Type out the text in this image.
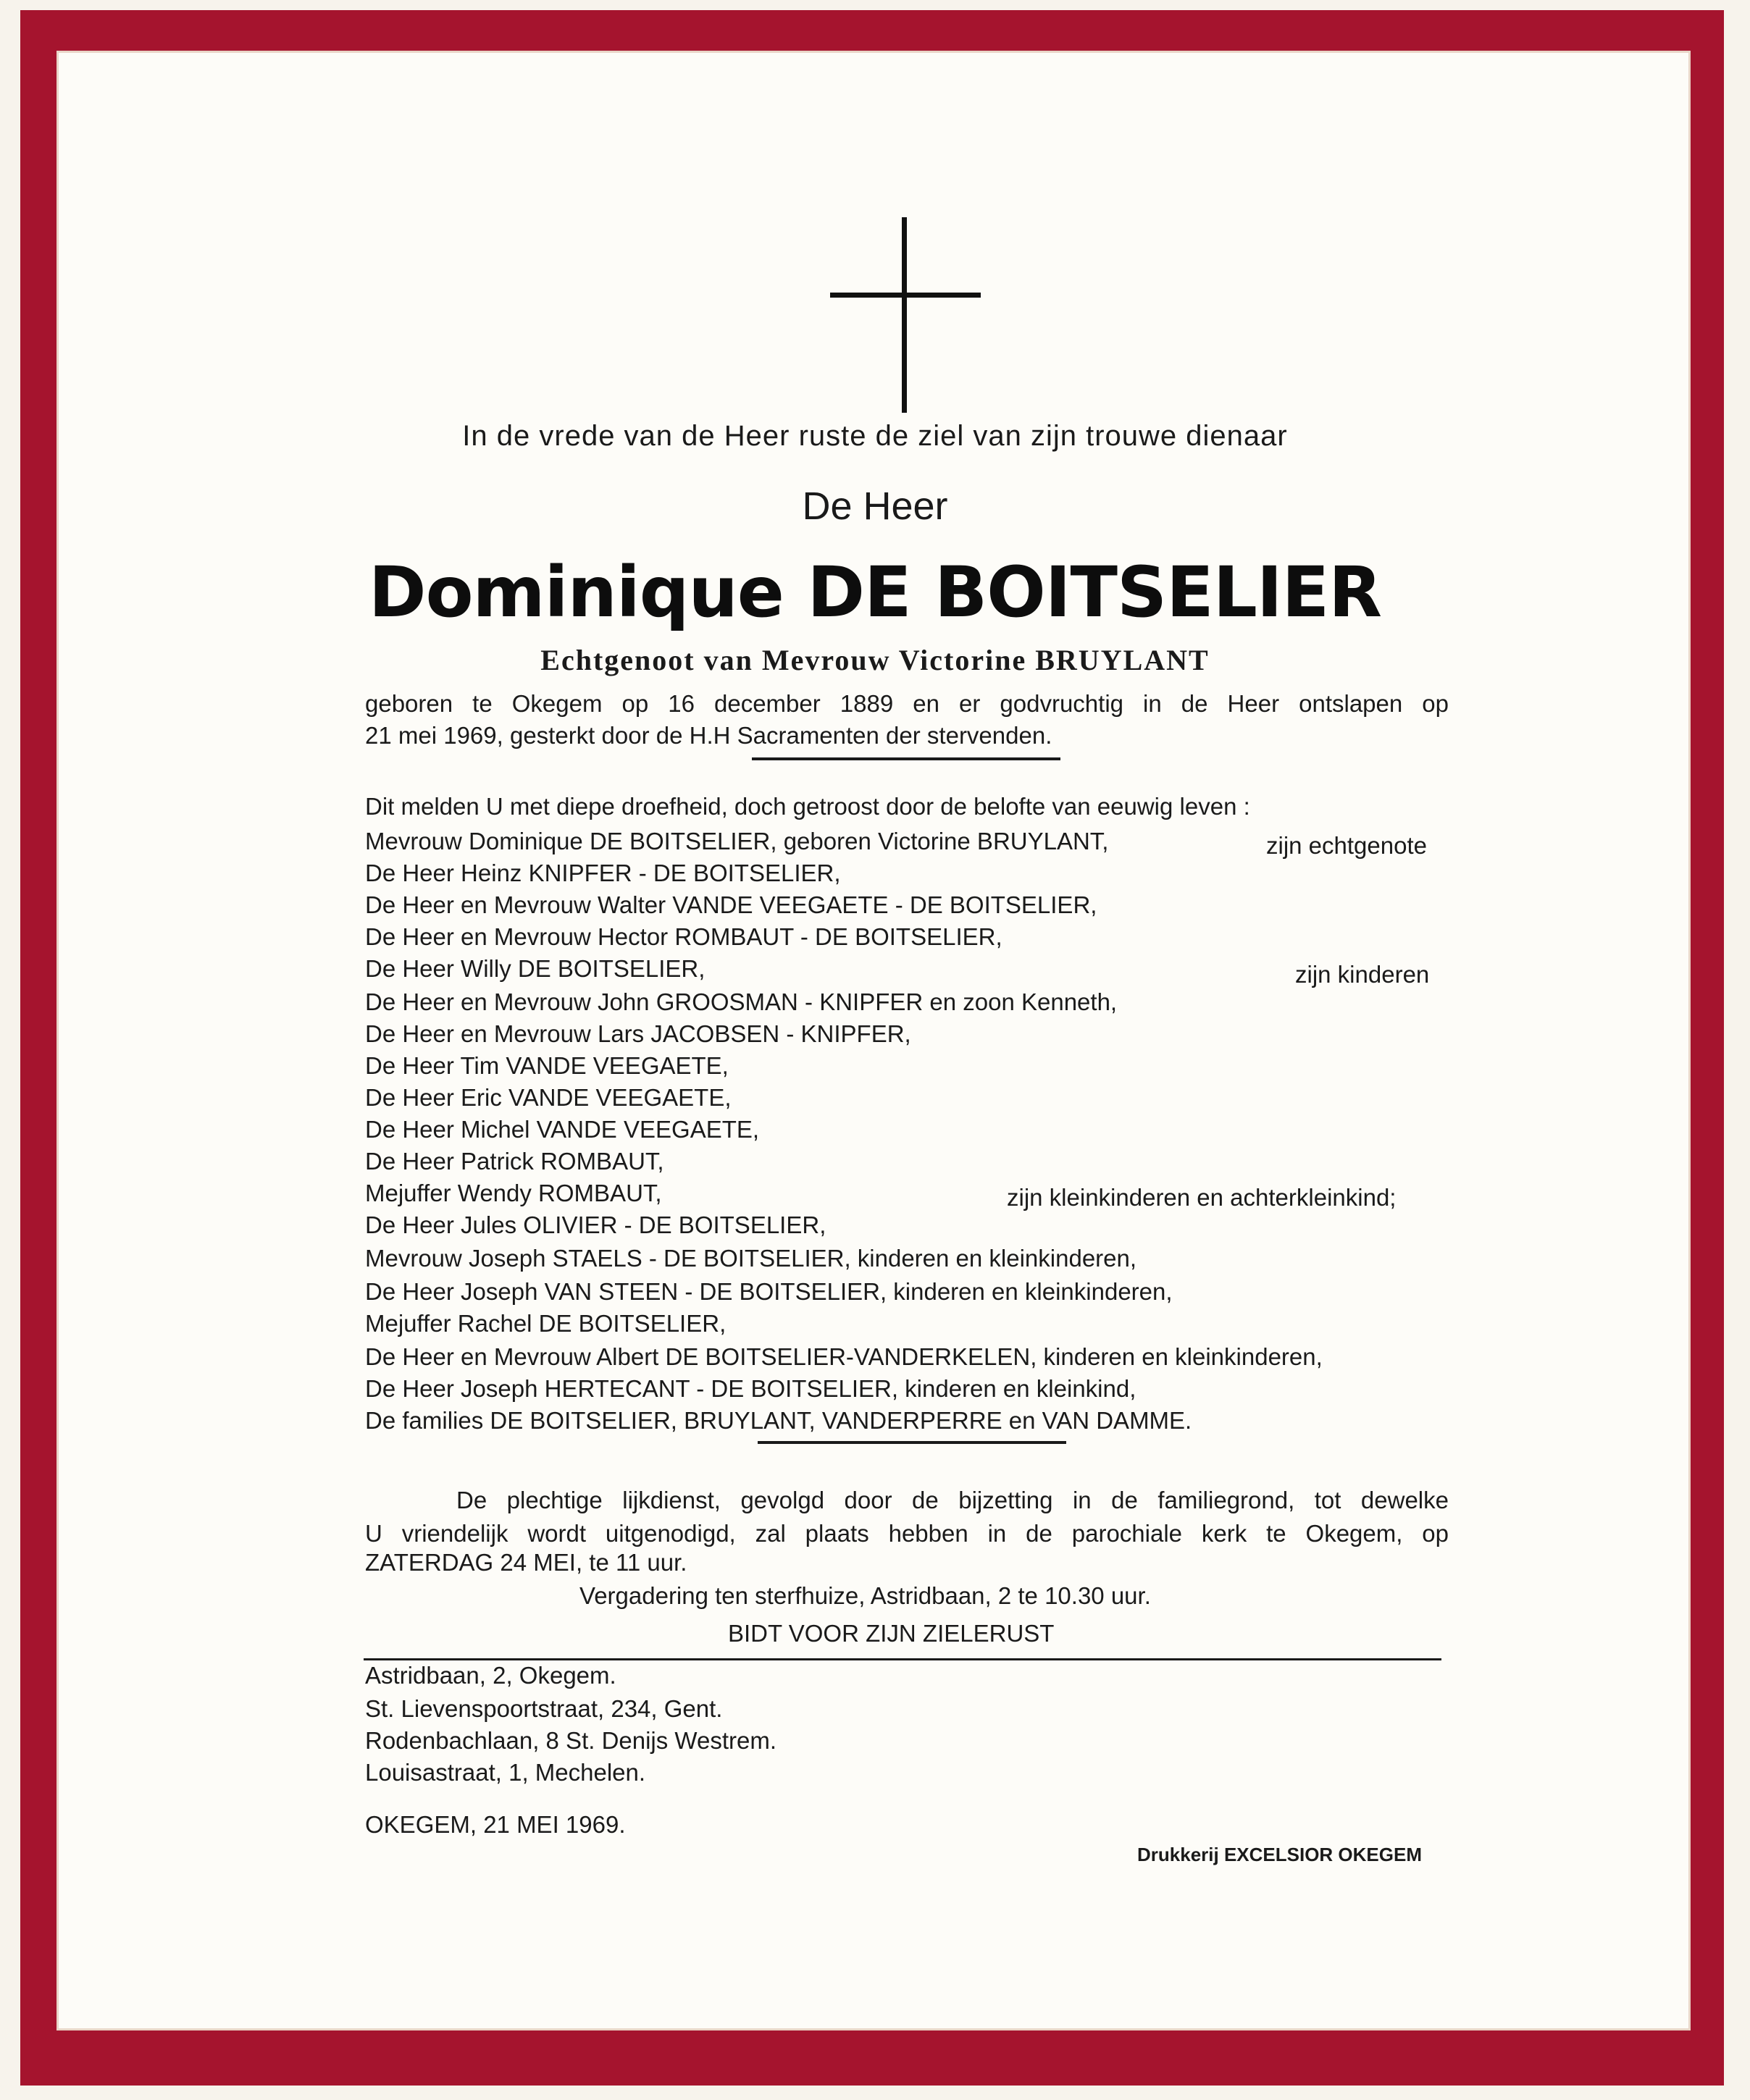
In de vrede van de Heer ruste de ziel van zijn trouwe dienaar
De Heer
Dominique DE BOITSELIER
Echtgenoot van Mevrouw Victorine BRUYLANT
geboren te Okegem op 16 december 1889 en er godvruchtig in de Heer ontslapen op
21 mei 1969, gesterkt door de H.H Sacramenten der stervenden.
Dit melden U met diepe droefheid, doch getroost door de belofte van eeuwig leven :
Mevrouw Dominique DE BOITSELIER, geboren Victorine BRUYLANT,
De Heer Heinz KNIPFER - DE BOITSELIER,
De Heer en Mevrouw Walter VANDE VEEGAETE - DE BOITSELIER,
De Heer en Mevrouw Hector ROMBAUT - DE BOITSELIER,
De Heer Willy DE BOITSELIER,
De Heer en Mevrouw John GROOSMAN - KNIPFER en zoon Kenneth,
De Heer en Mevrouw Lars JACOBSEN - KNIPFER,
De Heer Tim VANDE VEEGAETE,
De Heer Eric VANDE VEEGAETE,
De Heer Michel VANDE VEEGAETE,
De Heer Patrick ROMBAUT,
Mejuffer Wendy ROMBAUT,
De Heer Jules OLIVIER - DE BOITSELIER,
Mevrouw Joseph STAELS - DE BOITSELIER, kinderen en kleinkinderen,
De Heer Joseph VAN STEEN - DE BOITSELIER, kinderen en kleinkinderen,
Mejuffer Rachel DE BOITSELIER,
De Heer en Mevrouw Albert DE BOITSELIER-VANDERKELEN, kinderen en kleinkinderen,
De Heer Joseph HERTECANT - DE BOITSELIER, kinderen en kleinkind,
De families DE BOITSELIER, BRUYLANT, VANDERPERRE en VAN DAMME.
zijn echtgenote
zijn kinderen
zijn kleinkinderen en achterkleinkind;
De plechtige lijkdienst, gevolgd door de bijzetting in de familiegrond, tot dewelke
U vriendelijk wordt uitgenodigd, zal plaats hebben in de parochiale kerk te Okegem, op
ZATERDAG 24 MEI, te 11 uur.
Vergadering ten sterfhuize, Astridbaan, 2 te 10.30 uur.
BIDT VOOR ZIJN ZIELERUST
Astridbaan, 2, Okegem.
St. Lievenspoortstraat, 234, Gent.
Rodenbachlaan, 8 St. Denijs Westrem.
Louisastraat, 1, Mechelen.
OKEGEM, 21 MEI 1969.
Drukkerij EXCELSIOR OKEGEM
